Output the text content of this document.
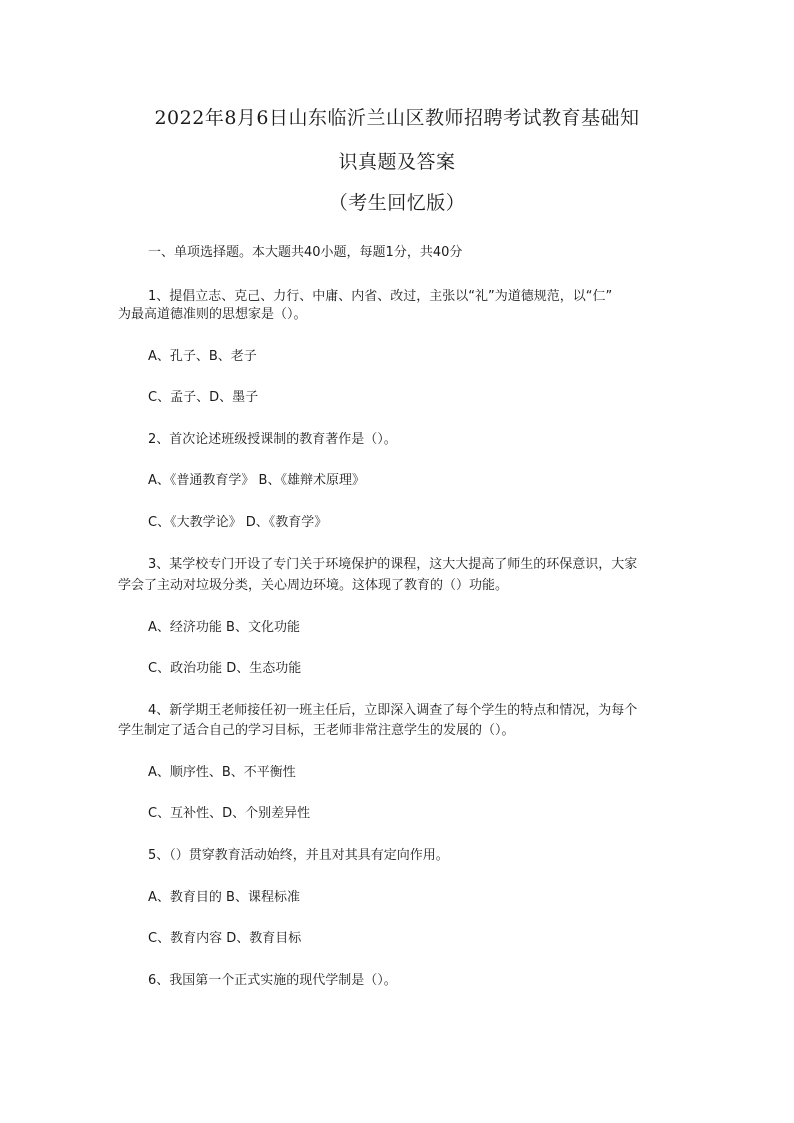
2022年8月6日山东临沂兰山区教师招聘考试教育基础知
识真题及答案
（考生回忆版）
一、单项选择题。本大题共40小题，每题1分，共40分
1、提倡立志、克己、力行、中庸、内省、改过，主张以“礼”为道德规范，以“仁”
为最高道德准则的思想家是（）。
A、孔子、B、老子
C、孟子、D、墨子
2、首次论述班级授课制的教育著作是（）。
A、《普通教育学》 B、《雄辩术原理》
C、《大教学论》 D、《教育学》
3、某学校专门开设了专门关于环境保护的课程，这大大提高了师生的环保意识，大家
学会了主动对垃圾分类，关心周边环境。这体现了教育的（）功能。
A、经济功能 B、文化功能
C、政治功能 D、生态功能
4、新学期王老师接任初一班主任后，立即深入调查了每个学生的特点和情况，为每个
学生制定了适合自己的学习目标，王老师非常注意学生的发展的（）。
A、顺序性、B、不平衡性
C、互补性、D、个别差异性
5、（）贯穿教育活动始终，并且对其具有定向作用。
A、教育目的 B、课程标准
C、教育内容 D、教育目标
6、我国第一个正式实施的现代学制是（）。
